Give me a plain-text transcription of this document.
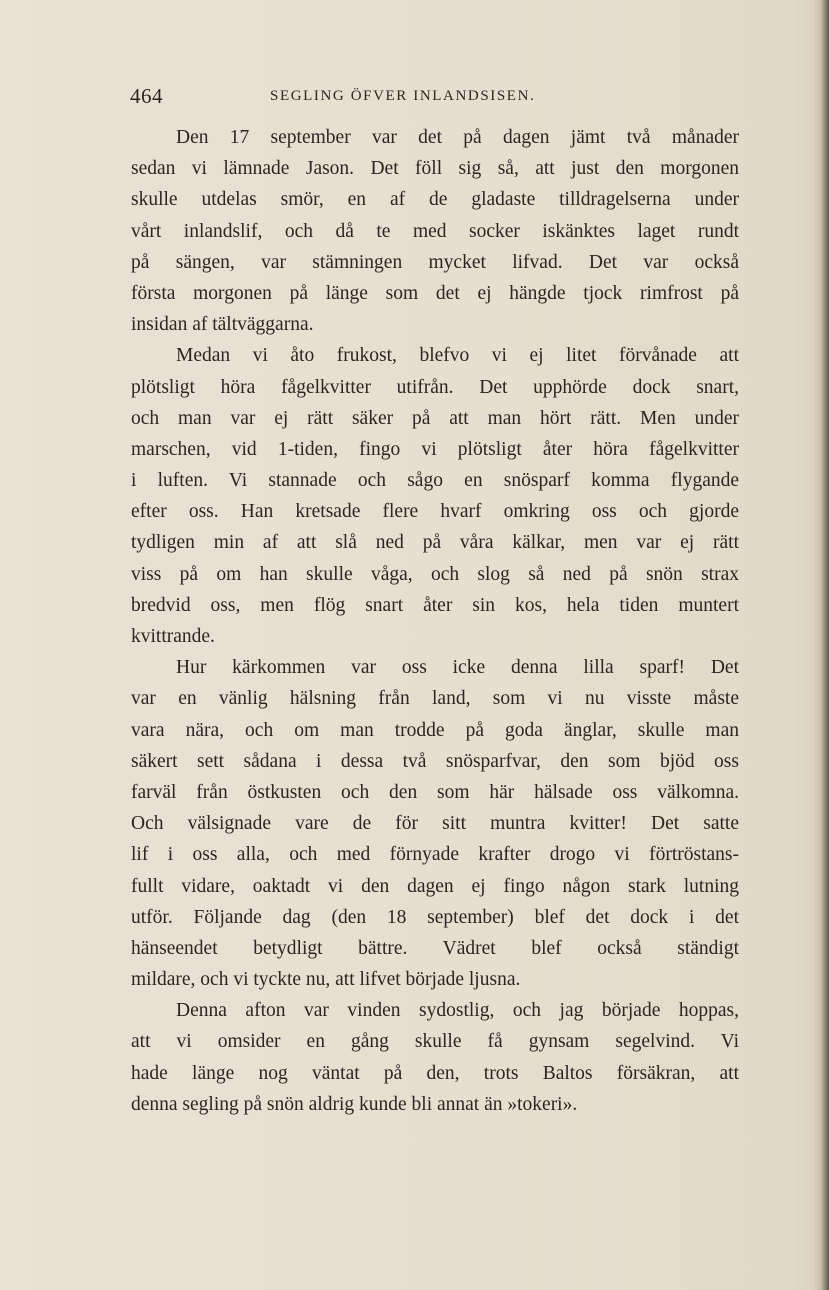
464	SEGLING ÖFVER INLANDSISEN.
Den 17 september var det på dagen jämt två månader
sedan vi lämnade Jason. Det föll sig så, att just den morgonen
skulle utdelas smör, en af de gladaste tilldragelserna under
vårt inlandslif, och då te med socker iskänktes laget rundt
på sängen, var stämningen mycket lifvad. Det var också
första morgonen på länge som det ej hängde tjock rimfrost på
insidan af tältväggarna.
Medan vi åto frukost, blefvo vi ej litet förvånade att
plötsligt höra fågelkvitter utifrån. Det upphörde dock snart,
och man var ej rätt säker på att man hört rätt. Men under
marschen, vid 1-tiden, fingo vi plötsligt åter höra fågelkvitter
i luften. Vi stannade och sågo en snösparf komma flygande
efter oss. Han kretsade flere hvarf omkring oss och gjorde
tydligen min af att slå ned på våra kälkar, men var ej rätt
viss på om han skulle våga, och slog så ned på snön strax
bredvid oss, men flög snart åter sin kos, hela tiden muntert
kvittrande.
Hur kärkommen var oss icke denna lilla sparf! Det
var en vänlig hälsning från land, som vi nu visste måste
vara nära, och om man trodde på goda änglar, skulle man
säkert sett sådana i dessa två snösparfvar, den som bjöd oss
farväl från östkusten och den som här hälsade oss välkomna.
Och välsignade vare de för sitt muntra kvitter! Det satte
lif i oss alla, och med förnyade krafter drogo vi förtröstans-
fullt vidare, oaktadt vi den dagen ej fingo någon stark lutning
utför. Följande dag (den 18 september) blef det dock i det
hänseendet betydligt bättre. Vädret blef också ständigt
mildare, och vi tyckte nu, att lifvet började ljusna.
Denna afton var vinden sydostlig, och jag började hoppas,
att vi omsider en gång skulle få gynsam segelvind. Vi
hade länge nog väntat på den, trots Baltos försäkran, att
denna segling på snön aldrig kunde bli annat än »tokeri».
